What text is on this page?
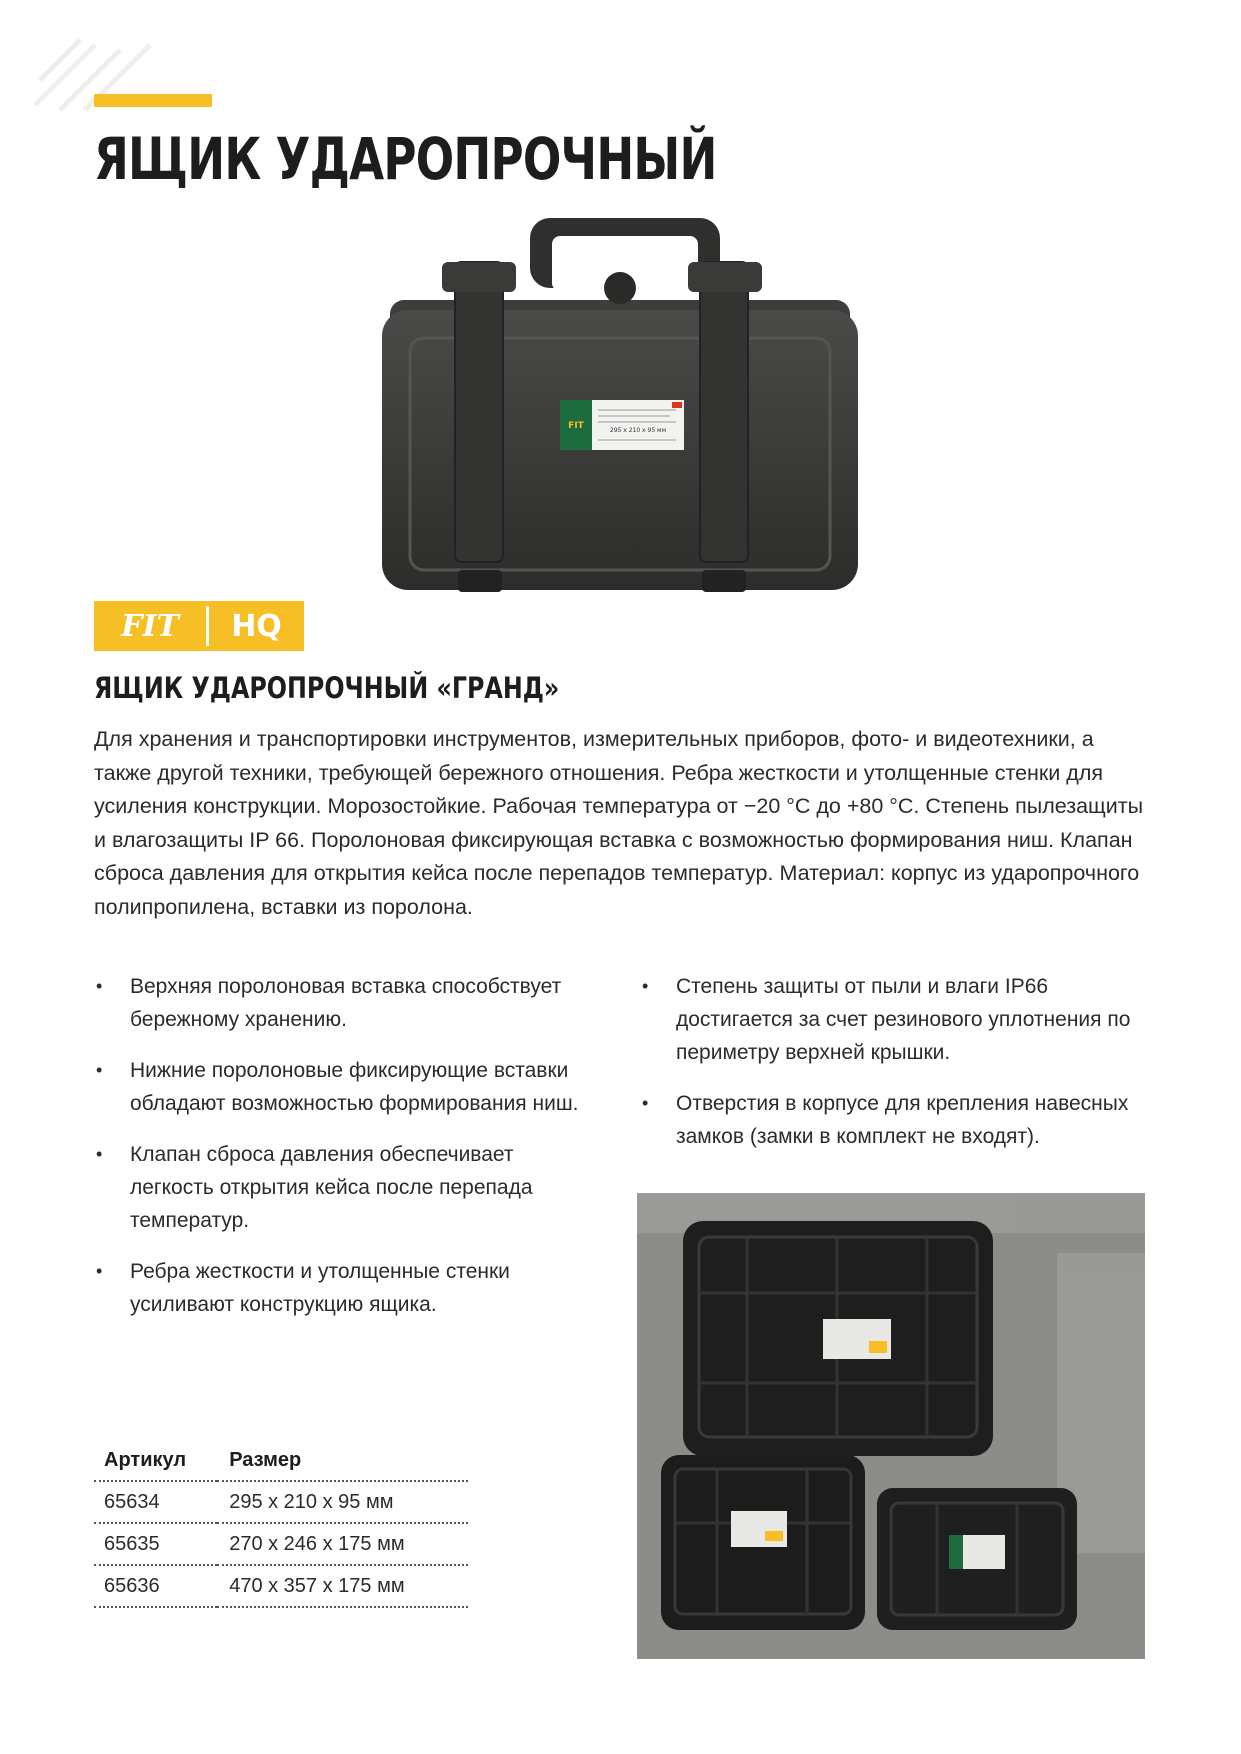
ЯЩИК УДАРОПРОЧНЫЙ
FIT	295 x 210 x 95 мм
FIT	HQ
ЯЩИК УДАРОПРОЧНЫЙ «ГРАНД»

Для хранения и транспортировки инструментов, измерительных приборов, фото- и видеотехники, а также другой техники, требующей бережного отношения. Ребра жесткости и утолщенные стенки для усиления конструкции. Морозостойкие. Рабочая температура от −20 °С до +80 °С. Степень пылезащиты и влагозащиты IP 66. Поролоновая фиксирующая вставка с возможностью формирования ниш. Клапан сброса давления для открытия кейса после перепадов температур. Материал: корпус из ударопрочного полипропилена, вставки из поролона.

• Верхняя поролоновая вставка способствует бережному хранению.
• Нижние поролоновые фиксирующие вставки обладают возможностью формирования ниш.
• Клапан сброса давления обеспечивает легкость открытия кейса после перепада температур.
• Ребра жесткости и утолщенные стенки усиливают конструкцию ящика.
• Степень защиты от пыли и влаги IP66 достигается за счет резинового уплотнения по периметру верхней крышки.
• Отверстия в корпусе для крепления навесных замков (замки в комплект не входят).
Артикул	Размер
65634	295 x 210 x 95 мм
65635	270 x 246 x 175 мм
65636	470 x 357 x 175 мм
